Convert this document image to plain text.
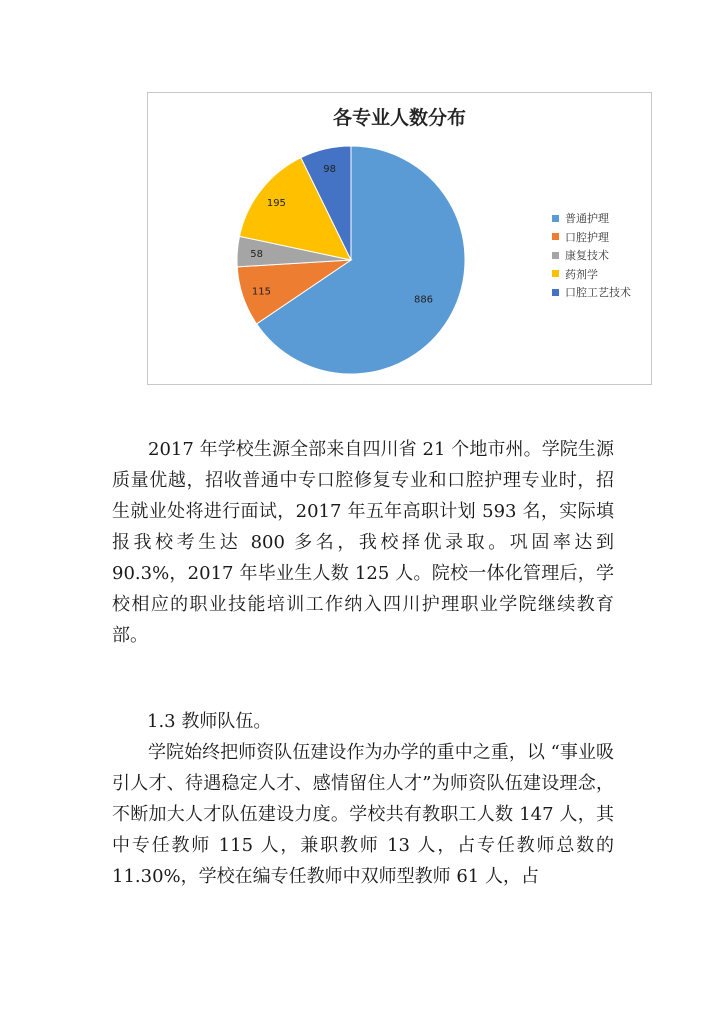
886
115
58
195
98
各专业人数分布
普通护理
口腔护理
康复技术
药剂学
口腔工艺技术

2017 年学校生源全部来自四川省 21 个地市州。学院生源质量优越，招收普通中专口腔修复专业和口腔护理专业时，招生就业处将进行面试，2017 年五年高职计划 593 名，实际填报我校考生达 800 多名，我校择优录取。巩固率达到 90.3%，2017 年毕业生人数 125 人。院校一体化管理后，学校相应的职业技能培训工作纳入四川护理职业学院继续教育部。

1.3 教师队伍。

学院始终把师资队伍建设作为办学的重中之重，以 “事业吸引人才、待遇稳定人才、感情留住人才”为师资队伍建设理念，不断加大人才队伍建设力度。学校共有教职工人数 147 人，其中专任教师 115 人，兼职教师 13 人，占专任教师总数的 11.30%，学校在编专任教师中双师型教师 61 人，占
